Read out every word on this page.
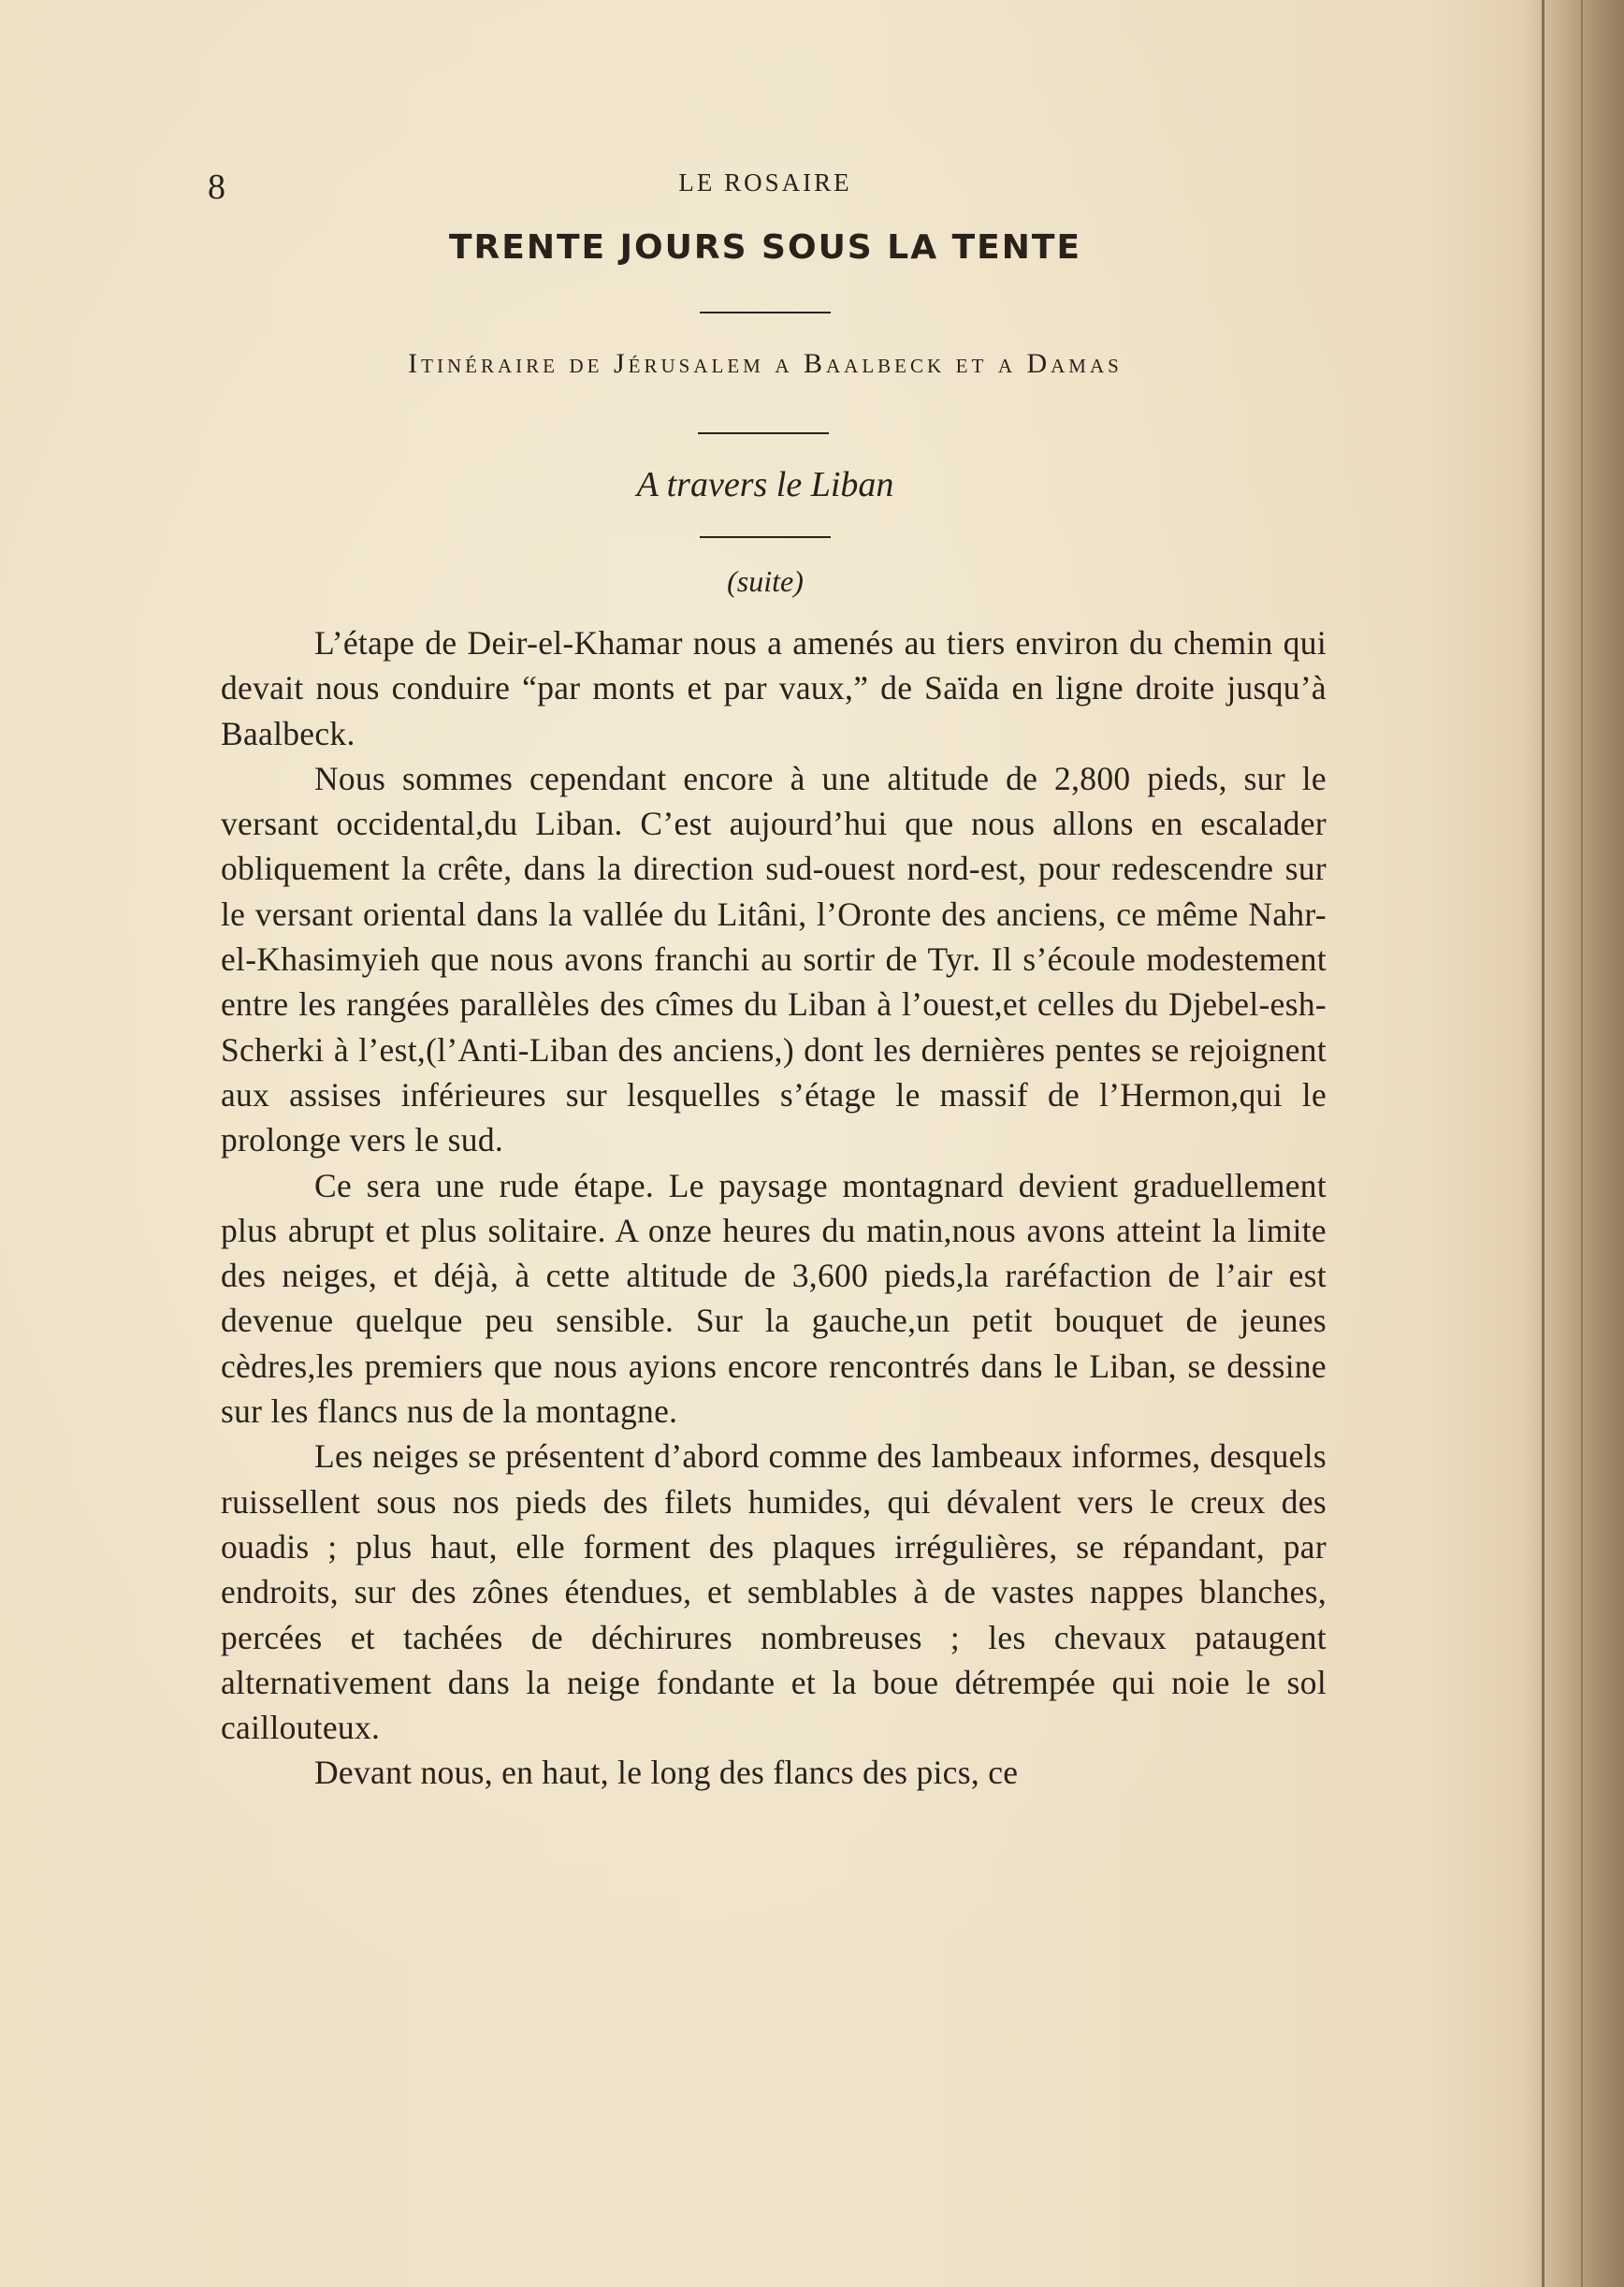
8	LE ROSAIRE
TRENTE JOURS SOUS LA TENTE
Itinéraire de Jérusalem a Baalbeck et a Damas
A travers le Liban
(suite)

L’étape de Deir-el-Khamar nous a amenés au tiers environ du chemin qui devait nous conduire “par monts et par vaux,” de Saïda en ligne droite jusqu’à Baalbeck.

Nous sommes cependant encore à une altitude de 2,800 pieds, sur le versant occidental,du Liban. C’est aujourd’hui que nous allons en escalader obliquement la crête, dans la direction sud-ouest nord-est, pour redescendre sur le versant oriental dans la vallée du Litâni, l’Oronte des anciens, ce même Nahr-el-Khasimyieh que nous avons franchi au sortir de Tyr. Il s’écoule modestement entre les rangées parallèles des cîmes du Liban à l’ouest,et celles du Djebel-esh-Scherki à l’est,(l’Anti-Liban des anciens,) dont les dernières pentes se rejoignent aux assises inférieures sur lesquelles s’étage le massif de l’Hermon,qui le prolonge vers le sud.

Ce sera une rude étape. Le paysage montagnard devient graduellement plus abrupt et plus solitaire. A onze heures du matin,nous avons atteint la limite des neiges, et déjà, à cette altitude de 3,600 pieds,la raréfaction de l’air est devenue quelque peu sensible. Sur la gauche,un petit bouquet de jeunes cèdres,les premiers que nous ayions encore rencontrés dans le Liban, se dessine sur les flancs nus de la montagne.

Les neiges se présentent d’abord comme des lambeaux informes, desquels ruissellent sous nos pieds des filets humides, qui dévalent vers le creux des ouadis ; plus haut, elle forment des plaques irrégulières, se répandant, par endroits, sur des zônes étendues, et semblables à de vastes nappes blanches, percées et tachées de déchirures nombreuses ; les chevaux pataugent alternativement dans la neige fondante et la boue détrempée qui noie le sol caillouteux.

Devant nous, en haut, le long des flancs des pics, ce
